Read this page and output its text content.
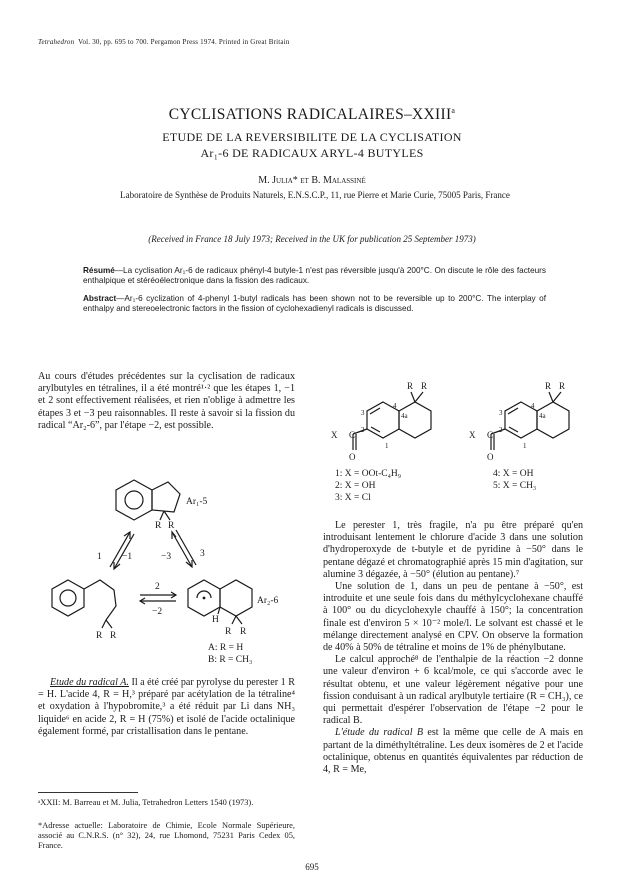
Tetrahedron Vol. 30, pp. 695 to 700. Pergamon Press 1974. Printed in Great Britain
CYCLISATIONS RADICALAIRES–XXIII$^a$
ETUDE DE LA REVERSIBILITE DE LA CYCLISATION
Ar₁-6 DE RADICAUX ARYL-4 BUTYLES
M. Julia* et B. Malassiné
Laboratoire de Synthèse de Produits Naturels, E.N.S.C.P., 11, rue Pierre et Marie Curie, 75005 Paris, France
(Received in France 18 July 1973; Received in the UK for publication 25 September 1973)
Résumé—La cyclisation Ar₁-6 de radicaux phényl-4 butyle-1 n'est pas réversible jusqu'à 200°C. On discute le rôle des facteurs enthalpique et stéréoélectronique dans la fission des radicaux.
Abstract—Ar₁-6 cyclization of 4-phenyl 1-butyl radicals has been shown not to be reversible up to 200°C. The interplay of enthalpy and stereoelectronic factors in the fission of cyclohexadienyl radicals is discussed.

Au cours d'études précédentes sur la cyclisation de radicaux arylbutyles en tétralines, il a été montré¹·² que les étapes 1, −1 et 2 sont effectivement réalisées, et rien n'oblige à admettre les étapes 3 et −3 peu raisonnables. Il reste à savoir si la fission du radical “Ar₂-6”, par l'étape −2, est possible.

Ar₁-5
R R
1 −1	−3	3
2
−2
Ar₂-6
R R
H
R R
A: R = H
B: R = CH₃

Etude du radical A. Il a été créé par pyrolyse du perester 1 R = H. L'acide 4, R = H,³ préparé par acétylation de la tétraline⁴ et oxydation à l'hypobromite,³ a été réduit par Li dans NH₃ liquide⁶ en acide 2, R = H (75%) et isolé de l'acide octalinique également formé, par cristallisation dans le pentane.

ᵃXXII: M. Barreau et M. Julia, Tetrahedron Letters 1540 (1973).
*Adresse actuelle: Laboratoire de Chimie, Ecole Normale Supérieure, associé au C.N.R.S. (n° 32), 24, rue Lhomond, 75231 Paris Cedex 05, France.
R R
4
4a
3
2
1
X C
O
R R
4
4a
3
2
1
X C
O
1: X = OOt-C₄H₉
2: X = OH
3: X = Cl
4: X = OH
5: X = CH₃

Le perester 1, très fragile, n'a pu être préparé qu'en introduisant lentement le chlorure d'acide 3 dans une solution d'hydroperoxyde de t-butyle et de pyridine à −50° dans le pentane dégazé et chromatographié après 15 min d'agitation, sur alumine 3 dégazée, à −50° (élution au pentane).⁷

Une solution de 1, dans un peu de pentane à −50°, est introduite et une seule fois dans du méthylcyclohexane chauffé à 100° ou du dicyclohexyle chauffé à 150°; la concentration finale est d'environ 5 × 10⁻² mole/l. Le solvant est chassé et le mélange directement analysé en CPV. On observe la formation de 40% à 50% de tétraline et moins de 1% de phénylbutane.

Le calcul approché⁸ de l'enthalpie de la réaction −2 donne une valeur d'environ + 6 kcal/mole, ce qui s'accorde avec le résultat obtenu, et une valeur légèrement négative pour une fission conduisant à un radical arylbutyle tertiaire (R = CH₃), ce qui permettait d'espérer l'observation de l'étape −2 pour le radical B.

L'étude du radical B est la même que celle de A mais en partant de la diméthyltétraline. Les deux isomères de 2 et l'acide octalinique, obtenus en quantités équivalentes par réduction de 4, R = Me,

695
